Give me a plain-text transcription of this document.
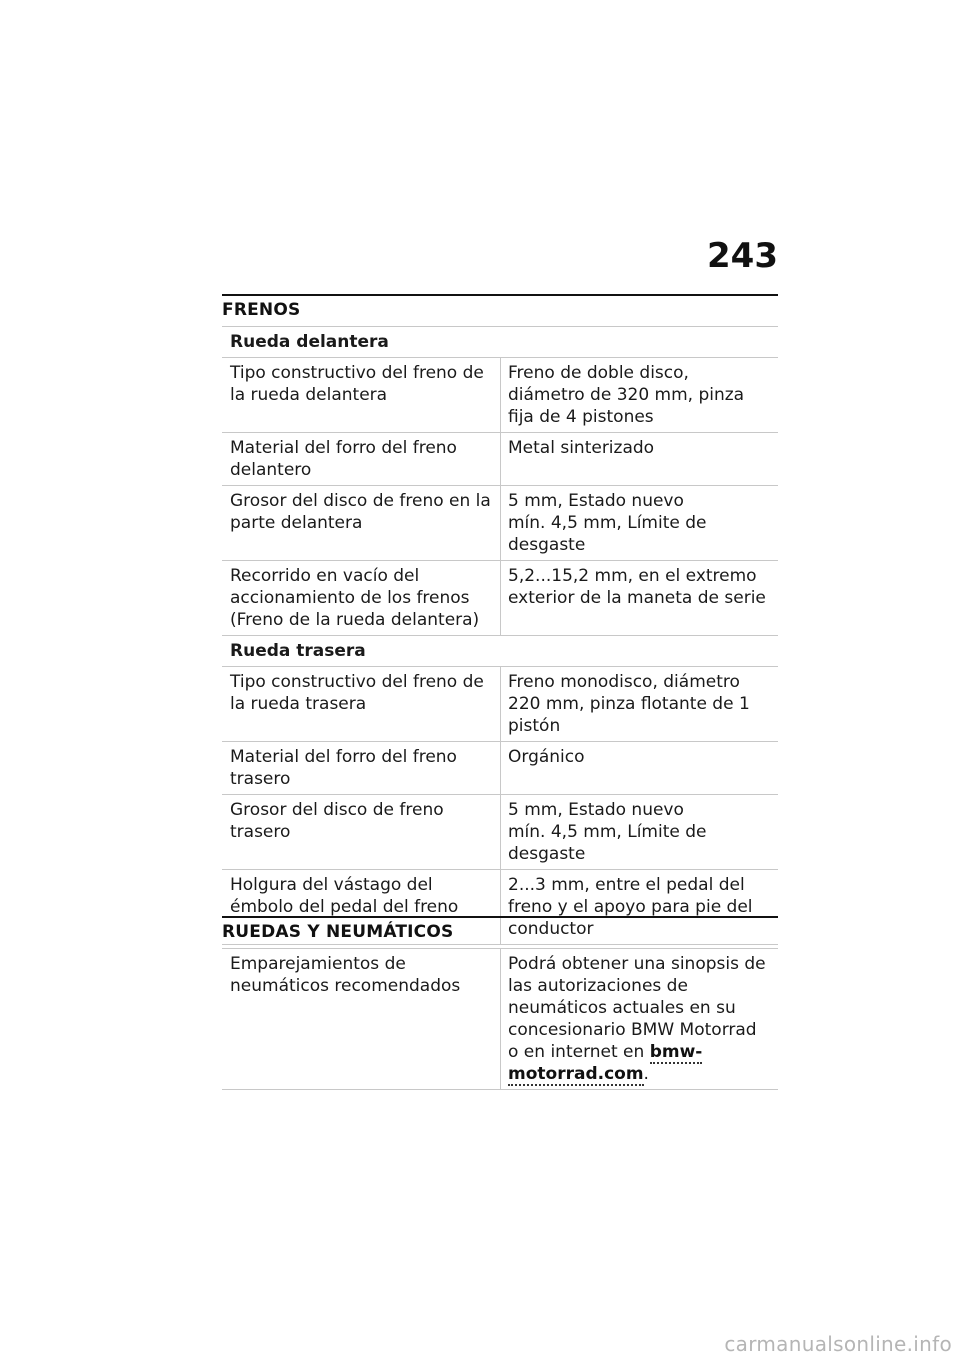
243
FRENOS
Rueda delantera	
Tipo constructivo del freno de la rueda delantera	Freno de doble disco, diámetro de 320 mm, pinza fija de 4 pistones
Material del forro del freno delantero	Metal sinterizado
Grosor del disco de freno en la parte delantera	5 mm, Estado nuevo
mín. 4,5 mm, Límite de desgaste

Recorrido en vacío del accionamiento de los frenos (Freno de la rueda delantera)	5,2...15,2 mm, en el extremo exterior de la maneta de serie
Rueda trasera	
Tipo constructivo del freno de la rueda trasera	Freno monodisco, diámetro 220 mm, pinza flotante de 1 pistón
Material del forro del freno trasero	Orgánico
Grosor del disco de freno trasero	5 mm, Estado nuevo
mín. 4,5 mm, Límite de desgaste

Holgura del vástago del émbolo del pedal del freno	2...3 mm, entre el pedal del freno y el apoyo para pie del conductor
RUEDAS Y NEUMÁTICOS
Emparejamientos de neumáticos recomendados	Podrá obtener una sinopsis de las autorizaciones de neumáticos actuales en su concesionario BMW Motorrad o en internet en bmw-motorrad.com.
carmanualsonline.info
